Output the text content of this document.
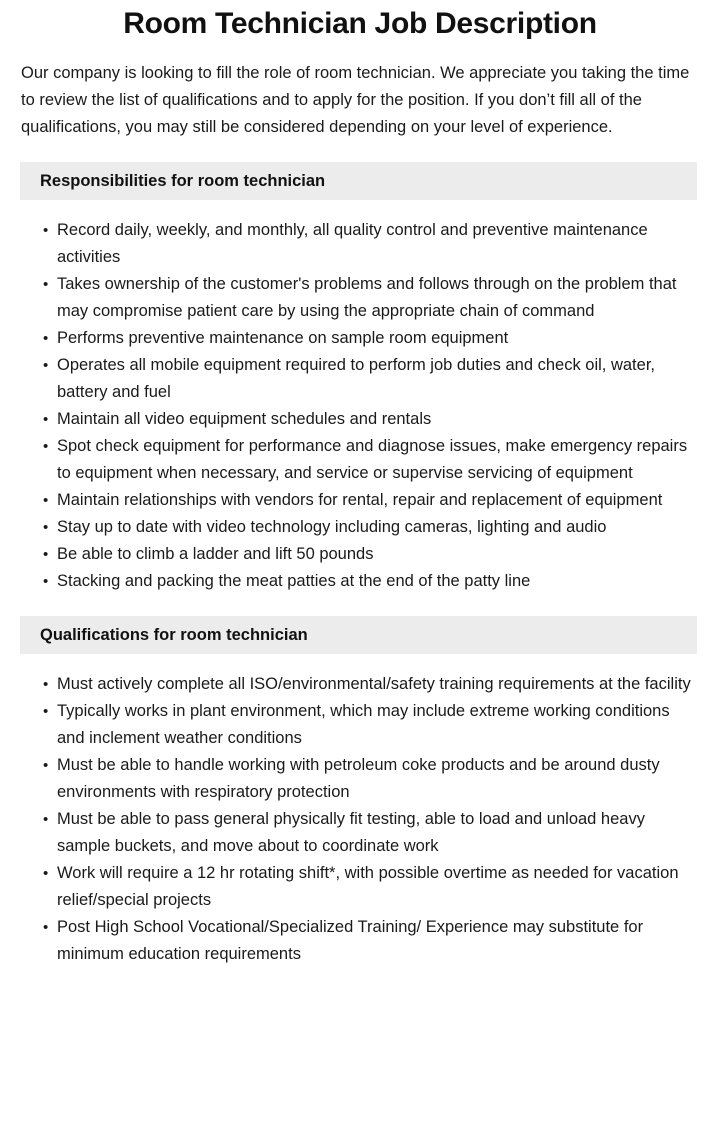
Room Technician Job Description

Our company is looking to fill the role of room technician. We appreciate you taking the time to review the list of qualifications and to apply for the position. If you don’t fill all of the qualifications, you may still be considered depending on your level of experience.

Responsibilities for room technician
• Record daily, weekly, and monthly, all quality control and preventive maintenance activities
• Takes ownership of the customer's problems and follows through on the problem that may compromise patient care by using the appropriate chain of command
• Performs preventive maintenance on sample room equipment
• Operates all mobile equipment required to perform job duties and check oil, water, battery and fuel
• Maintain all video equipment schedules and rentals
• Spot check equipment for performance and diagnose issues, make emergency repairs to equipment when necessary, and service or supervise servicing of equipment
• Maintain relationships with vendors for rental, repair and replacement of equipment
• Stay up to date with video technology including cameras, lighting and audio
• Be able to climb a ladder and lift 50 pounds
• Stacking and packing the meat patties at the end of the patty line
Qualifications for room technician
• Must actively complete all ISO/environmental/safety training requirements at the facility
• Typically works in plant environment, which may include extreme working conditions and inclement weather conditions
• Must be able to handle working with petroleum coke products and be around dusty environments with respiratory protection
• Must be able to pass general physically fit testing, able to load and unload heavy sample buckets, and move about to coordinate work
• Work will require a 12 hr rotating shift*, with possible overtime as needed for vacation relief/special projects
• Post High School Vocational/Specialized Training/ Experience may substitute for minimum education requirements
